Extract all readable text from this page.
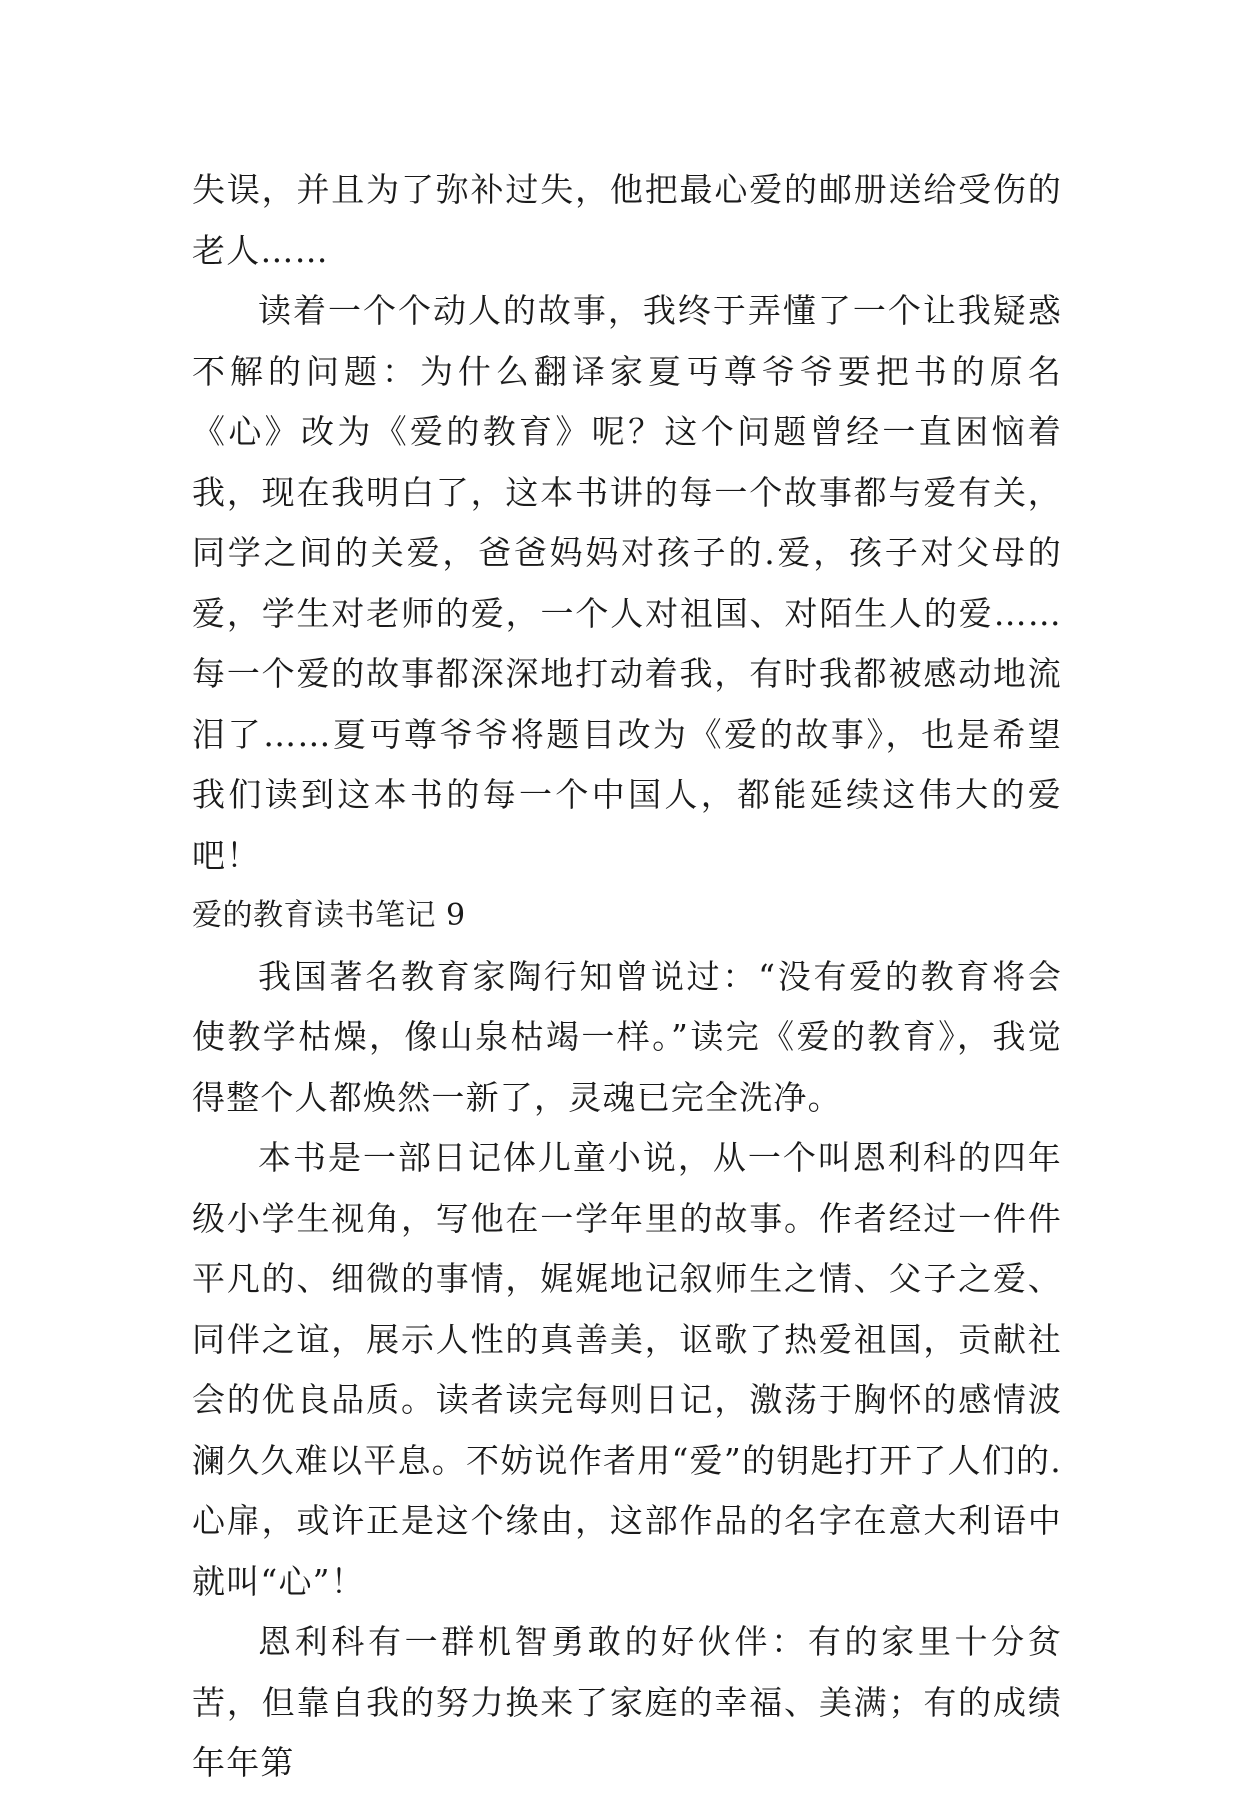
失误，并且为了弥补过失，他把最心爱的邮册送给受伤的老人……

读着一个个动人的故事，我终于弄懂了一个让我疑惑不解的问题：为什么翻译家夏丏尊爷爷要把书的原名《心》改为《爱的教育》呢？这个问题曾经一直困恼着我，现在我明白了，这本书讲的每一个故事都与爱有关，同学之间的关爱，爸爸妈妈对孩子的.爱，孩子对父母的爱，学生对老师的爱，一个人对祖国、对陌生人的爱……每一个爱的故事都深深地打动着我，有时我都被感动地流泪了……夏丏尊爷爷将题目改为《爱的故事》，也是希望我们读到这本书的每一个中国人，都能延续这伟大的爱吧！

爱的教育读书笔记 9

我国著名教育家陶行知曾说过：“没有爱的教育将会使教学枯燥，像山泉枯竭一样。”读完《爱的教育》，我觉得整个人都焕然一新了，灵魂已完全洗净。

本书是一部日记体儿童小说，从一个叫恩利科的四年级小学生视角，写他在一学年里的故事。作者经过一件件平凡的、细微的事情，娓娓地记叙师生之情、父子之爱、同伴之谊，展示人性的真善美，讴歌了热爱祖国，贡献社会的优良品质。读者读完每则日记，激荡于胸怀的感情波澜久久难以平息。不妨说作者用“爱”的钥匙打开了人们的.心扉，或许正是这个缘由，这部作品的名字在意大利语中就叫“心”！

恩利科有一群机智勇敢的好伙伴：有的家里十分贫苦，但靠自我的努力换来了家庭的幸福、美满；有的成绩年年第
